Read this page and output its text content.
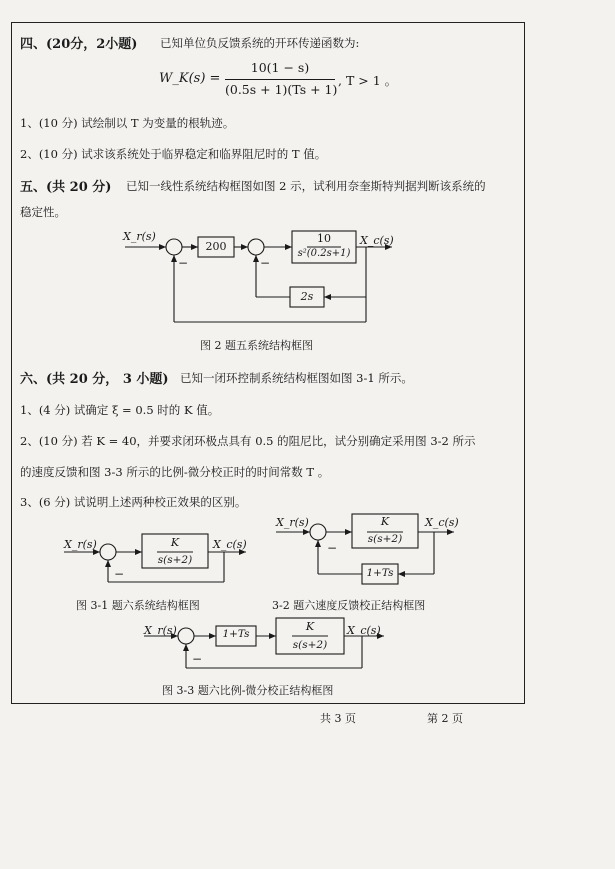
四、(20分，2小题) 已知单位负反馈系统的开环传递函数为:
W_K(s) =
10(1 − s)
(0.5s + 1)(Ts + 1)
, T > 1 。
1、(10 分) 试绘制以 T 为变量的根轨迹。
2、(10 分) 试求该系统处于临界稳定和临界阻尼时的 T 值。
五、(共 20 分) 已知一线性系统结构框图如图 2 示，试利用奈奎斯特判据判断该系统的
稳定性。
X_r(s)	X_c(s)
200
10
s²(0.2s+1)
2s
−	−
图 2 题五系统结构框图
六、(共 20 分， 3 小题) 已知一闭环控制系统结构框图如图 3-1 所示。
1、(4 分) 试确定 ξ = 0.5 时的 K 值。
2、(10 分) 若 K = 40，并要求闭环极点具有 0.5 的阻尼比，试分别确定采用图 3-2 所示
的速度反馈和图 3-3 所示的比例-微分校正时的时间常数 T 。
3、(6 分) 试说明上述两种校正效果的区别。
X_r(s)	X_c(s)
K
s(s+2)
1+Ts
−
3-2 题六速度反馈校正结构框图
X_r(s)	X_c(s)
K
s(s+2)
−
图 3-1 题六系统结构框图
X_r(s)	X_c(s)
1+Ts
K
s(s+2)
−
图 3-3 题六比例-微分校正结构框图
共 3 页	第 2 页
